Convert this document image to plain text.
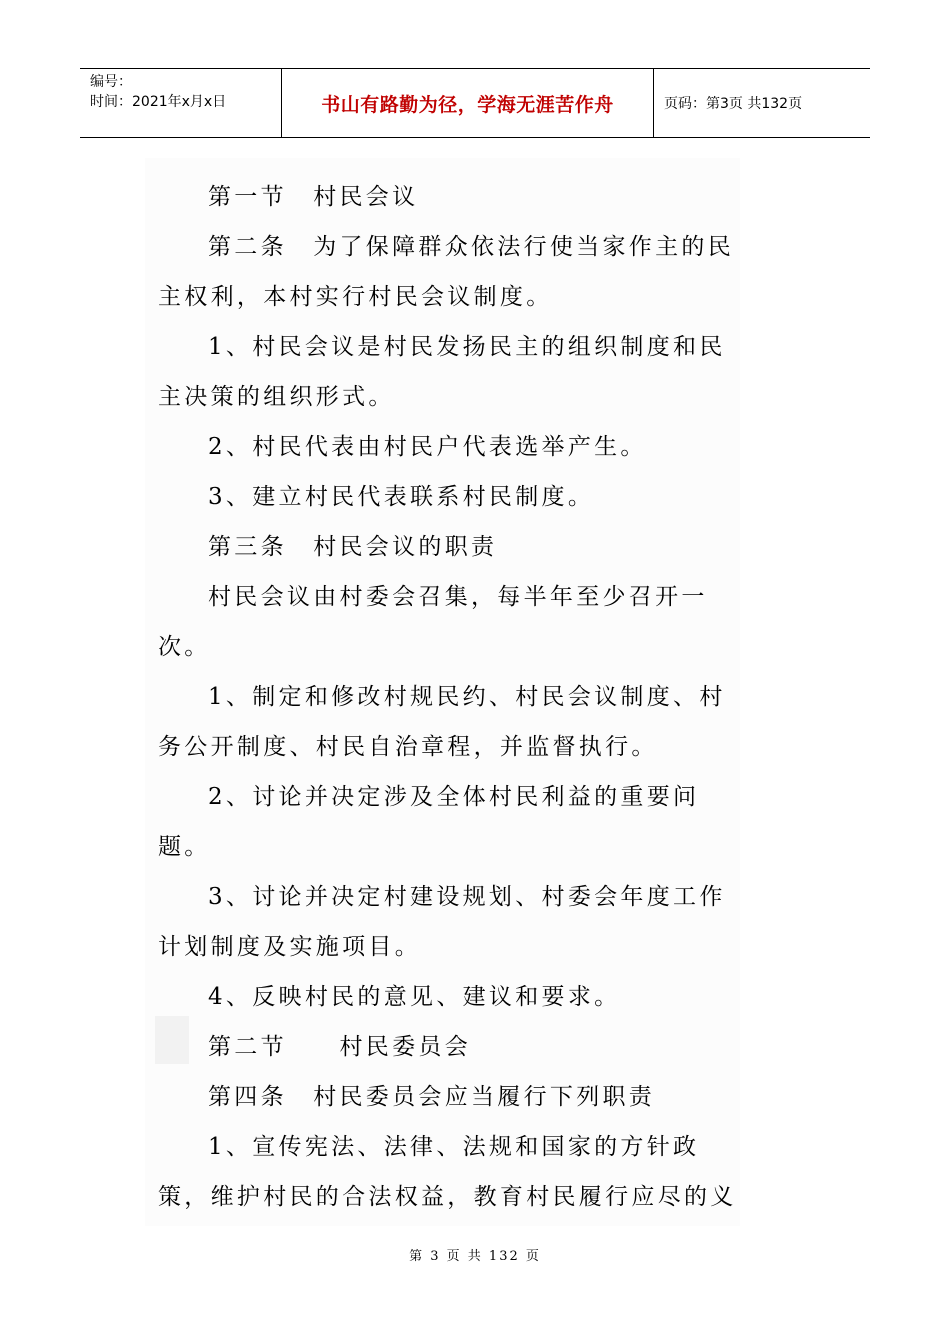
编号：
时间：2021年x月x日	书山有路勤为径，学海无涯苦作舟	页码：第3页 共132页
第一节　村民会议
第二条　为了保障群众依法行使当家作主的民
主权利，本村实行村民会议制度。
1、村民会议是村民发扬民主的组织制度和民
主决策的组织形式。
2、村民代表由村民户代表选举产生。
3、建立村民代表联系村民制度。
第三条　村民会议的职责
村民会议由村委会召集，每半年至少召开一
次。
1、制定和修改村规民约、村民会议制度、村
务公开制度、村民自治章程，并监督执行。
2、讨论并决定涉及全体村民利益的重要问
题。
3、讨论并决定村建设规划、村委会年度工作
计划制度及实施项目。
4、反映村民的意见、建议和要求。
第二节　　村民委员会
第四条　村民委员会应当履行下列职责
1、宣传宪法、法律、法规和国家的方针政
策，维护村民的合法权益，教育村民履行应尽的义
第 3 页 共 132 页
